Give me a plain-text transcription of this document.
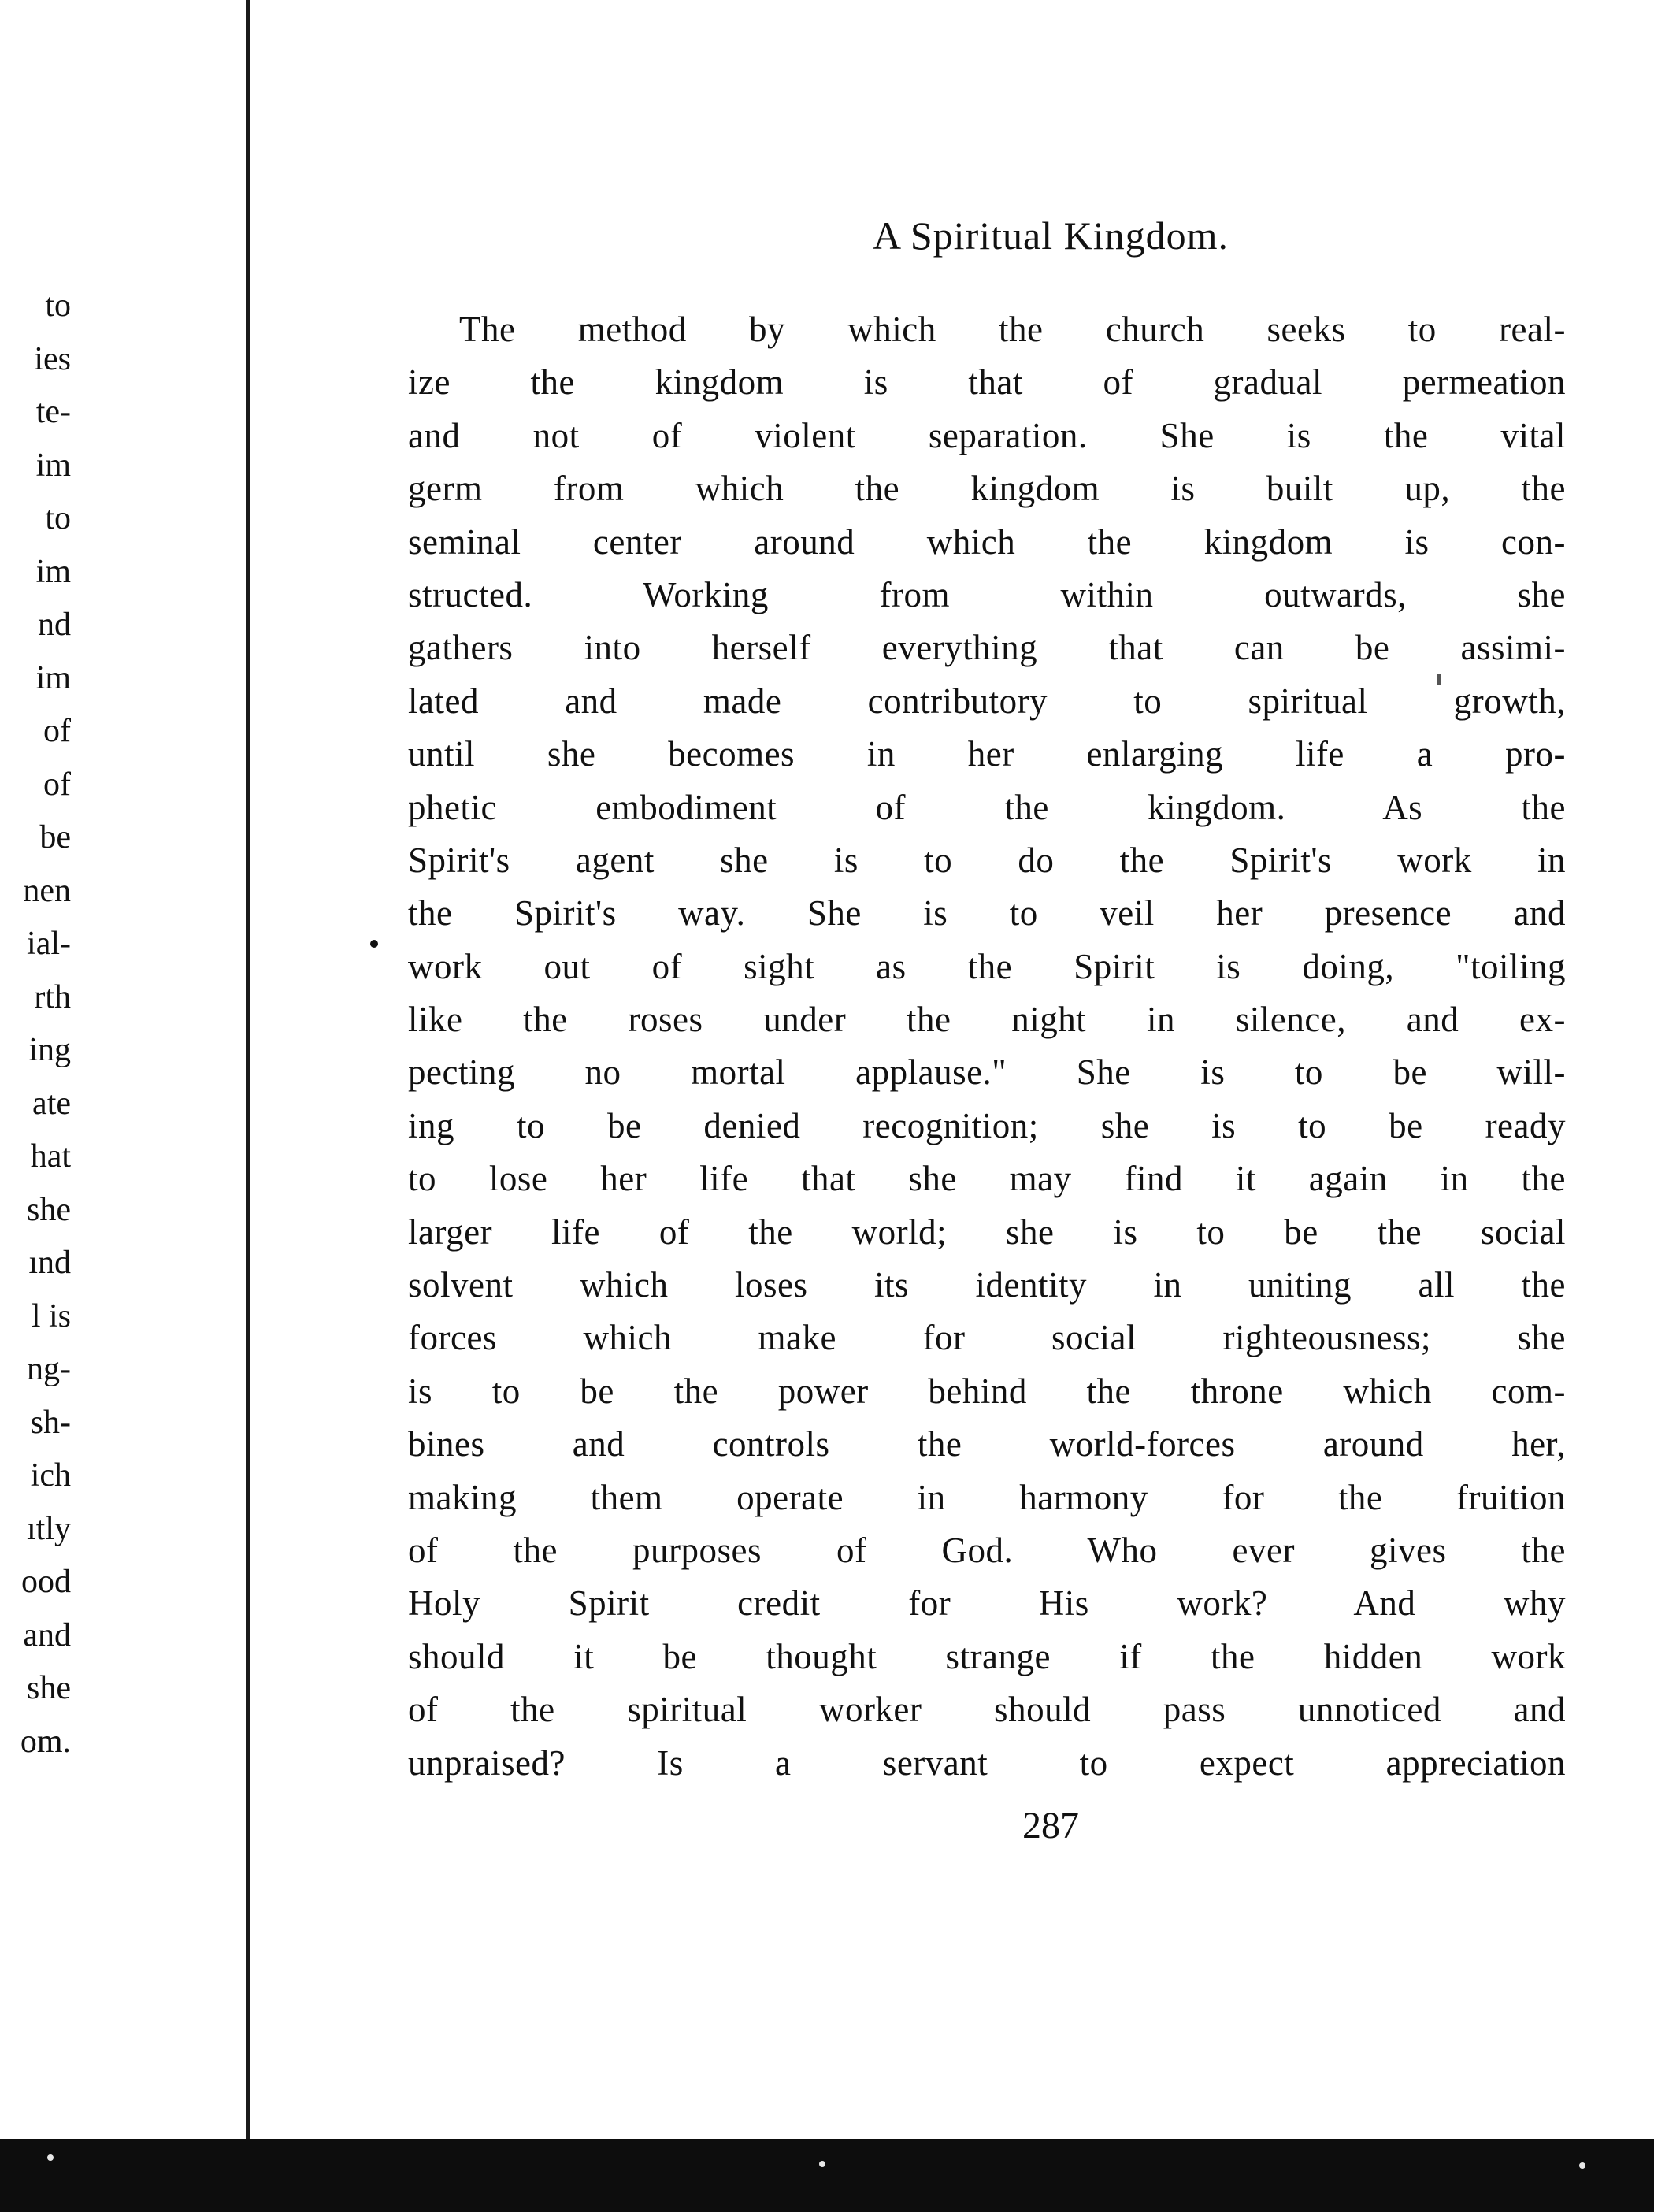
to
ies
te-
im
to
im
nd
im
of
of
be
nen
ial-
rth
ing
ate
hat
she
ınd
l is
ng-
sh-
ich
ıtly
ood
and
she
om.
A Spiritual Kingdom.
The method by which the church seeks to real-
ize the kingdom is that of gradual permeation
and not of violent separation. She is the vital
germ from which the kingdom is built up, the
seminal center around which the kingdom is con-
structed. Working from within outwards, she
gathers into herself everything that can be assimi-
lated and made contributory to spiritual growth,
until she becomes in her enlarging life a pro-
phetic embodiment of the kingdom. As the
Spirit's agent she is to do the Spirit's work in
the Spirit's way. She is to veil her presence and
work out of sight as the Spirit is doing, "toiling
like the roses under the night in silence, and ex-
pecting no mortal applause." She is to be will-
ing to be denied recognition; she is to be ready
to lose her life that she may find it again in the
larger life of the world; she is to be the social
solvent which loses its identity in uniting all the
forces which make for social righteousness; she
is to be the power behind the throne which com-
bines and controls the world-forces around her,
making them operate in harmony for the fruition
of the purposes of God. Who ever gives the
Holy Spirit credit for His work? And why
should it be thought strange if the hidden work
of the spiritual worker should pass unnoticed and
unpraised? Is a servant to expect appreciation
287
